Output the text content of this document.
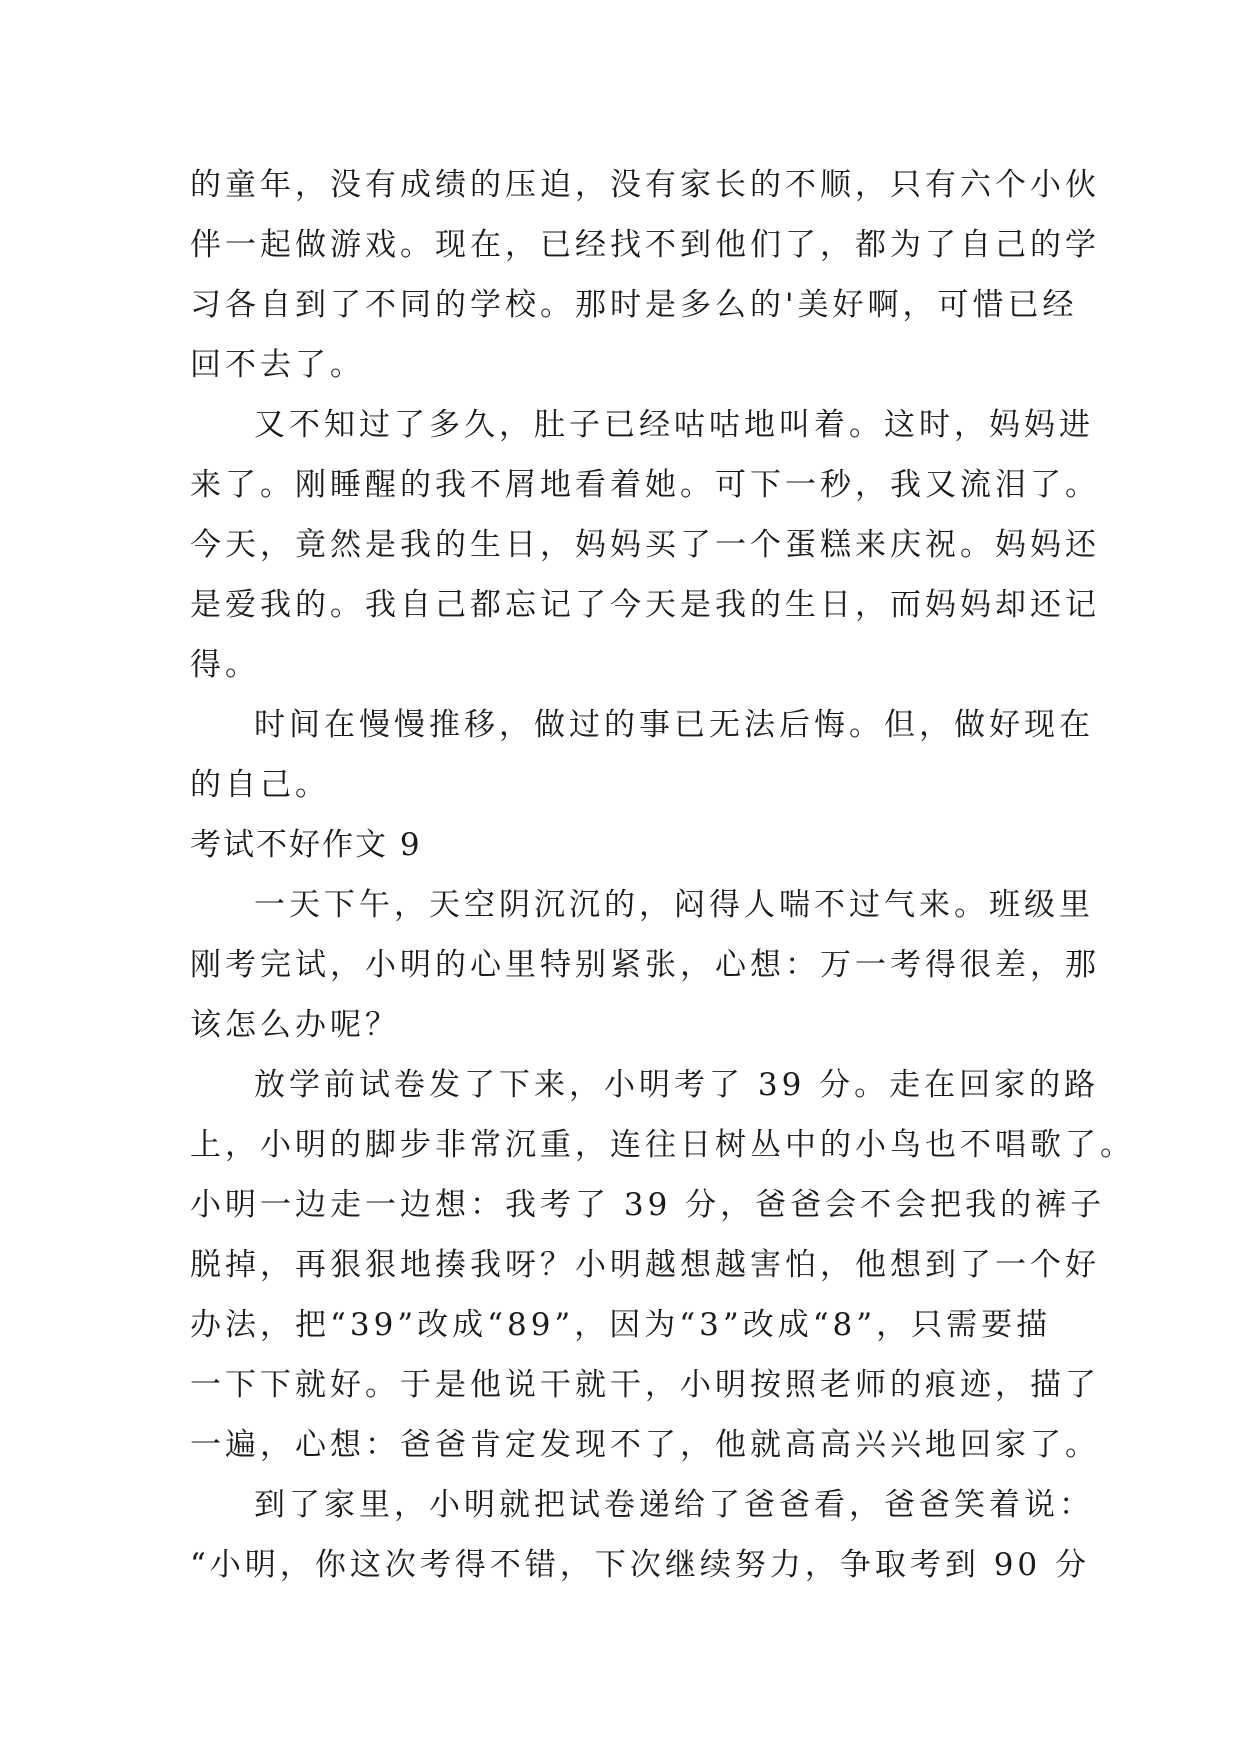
的童年，没有成绩的压迫，没有家长的不顺，只有六个小伙
伴一起做游戏。现在，已经找不到他们了，都为了自己的学
习各自到了不同的学校。那时是多么的'美好啊，可惜已经
回不去了。
又不知过了多久，肚子已经咕咕地叫着。这时，妈妈进
来了。刚睡醒的我不屑地看着她。可下一秒，我又流泪了。
今天，竟然是我的生日，妈妈买了一个蛋糕来庆祝。妈妈还
是爱我的。我自己都忘记了今天是我的生日，而妈妈却还记
得。
时间在慢慢推移，做过的事已无法后悔。但，做好现在
的自己。
考试不好作文 9
一天下午，天空阴沉沉的，闷得人喘不过气来。班级里
刚考完试，小明的心里特别紧张，心想：万一考得很差，那
该怎么办呢？
放学前试卷发了下来，小明考了 39 分。走在回家的路
上，小明的脚步非常沉重，连往日树丛中的小鸟也不唱歌了。
小明一边走一边想：我考了 39 分，爸爸会不会把我的裤子
脱掉，再狠狠地揍我呀？小明越想越害怕，他想到了一个好
办法，把“39”改成“89”，因为“3”改成“8”，只需要描
一下下就好。于是他说干就干，小明按照老师的痕迹，描了
一遍，心想：爸爸肯定发现不了，他就高高兴兴地回家了。
到了家里，小明就把试卷递给了爸爸看，爸爸笑着说：
“小明，你这次考得不错，下次继续努力，争取考到 90 分
